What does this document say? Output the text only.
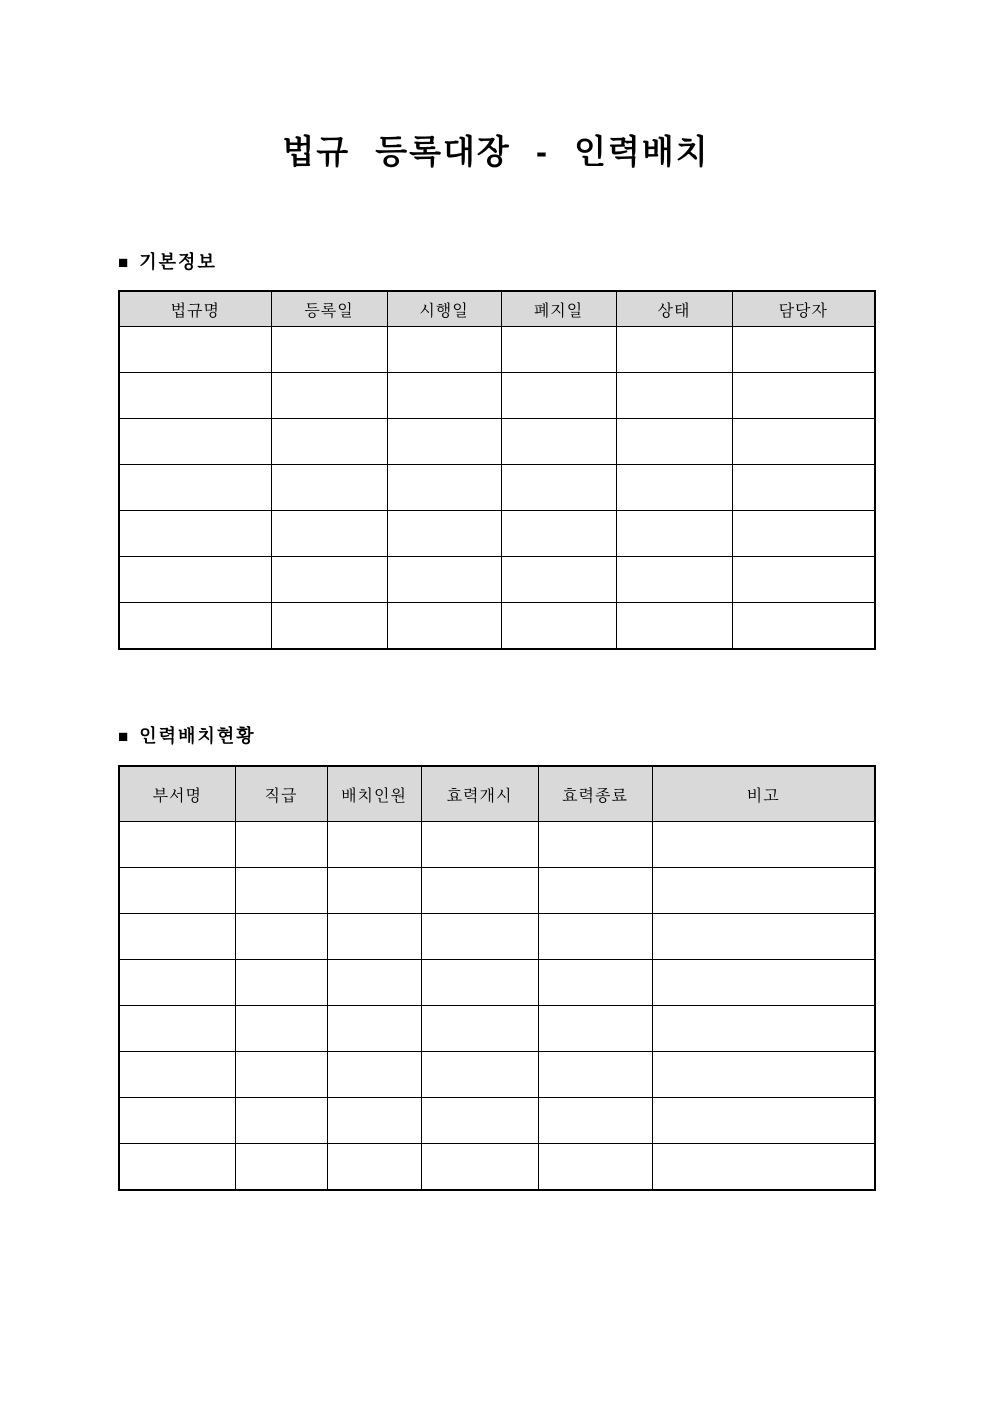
법규 등록대장 - 인력배치
■ 기본정보
법규명	등록일	시행일	폐지일	상태	담당자

■ 인력배치현황
부서명	직급	배치인원	효력개시	효력종료	비고
